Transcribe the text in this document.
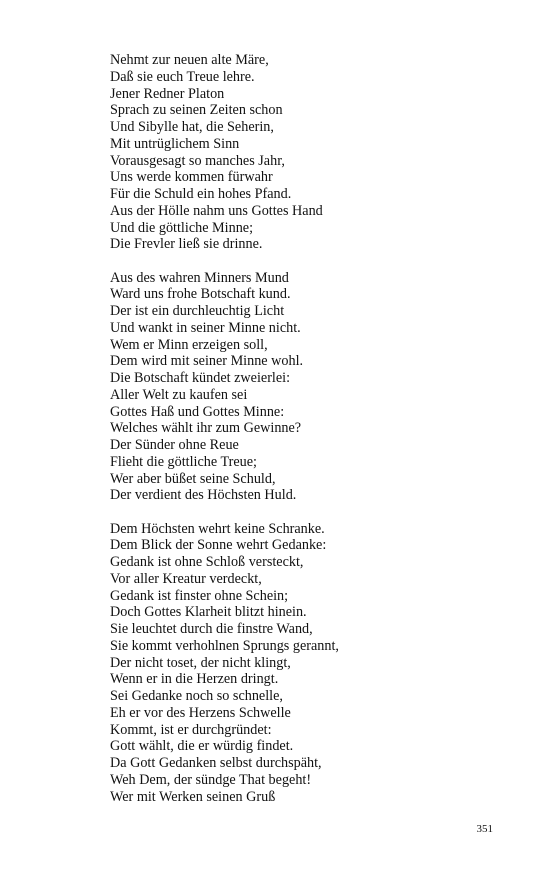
Nehmt zur neuen alte Märe,
Daß sie euch Treue lehre.
Jener Redner Platon
Sprach zu seinen Zeiten schon
Und Sibylle hat, die Seherin,
Mit untrüglichem Sinn
Vorausgesagt so manches Jahr,
Uns werde kommen fürwahr
Für die Schuld ein hohes Pfand.
Aus der Hölle nahm uns Gottes Hand
Und die göttliche Minne;
Die Frevler ließ sie drinne.
Aus des wahren Minners Mund
Ward uns frohe Botschaft kund.
Der ist ein durchleuchtig Licht
Und wankt in seiner Minne nicht.
Wem er Minn erzeigen soll,
Dem wird mit seiner Minne wohl.
Die Botschaft kündet zweierlei:
Aller Welt zu kaufen sei
Gottes Haß und Gottes Minne:
Welches wählt ihr zum Gewinne?
Der Sünder ohne Reue
Flieht die göttliche Treue;
Wer aber büßet seine Schuld,
Der verdient des Höchsten Huld.
Dem Höchsten wehrt keine Schranke.
Dem Blick der Sonne wehrt Gedanke:
Gedank ist ohne Schloß versteckt,
Vor aller Kreatur verdeckt,
Gedank ist finster ohne Schein;
Doch Gottes Klarheit blitzt hinein.
Sie leuchtet durch die finstre Wand,
Sie kommt verhohlnen Sprungs gerannt,
Der nicht toset, der nicht klingt,
Wenn er in die Herzen dringt.
Sei Gedanke noch so schnelle,
Eh er vor des Herzens Schwelle
Kommt, ist er durchgründet:
Gott wählt, die er würdig findet.
Da Gott Gedanken selbst durchspäht,
Weh Dem, der sündge That begeht!
Wer mit Werken seinen Gruß
351
